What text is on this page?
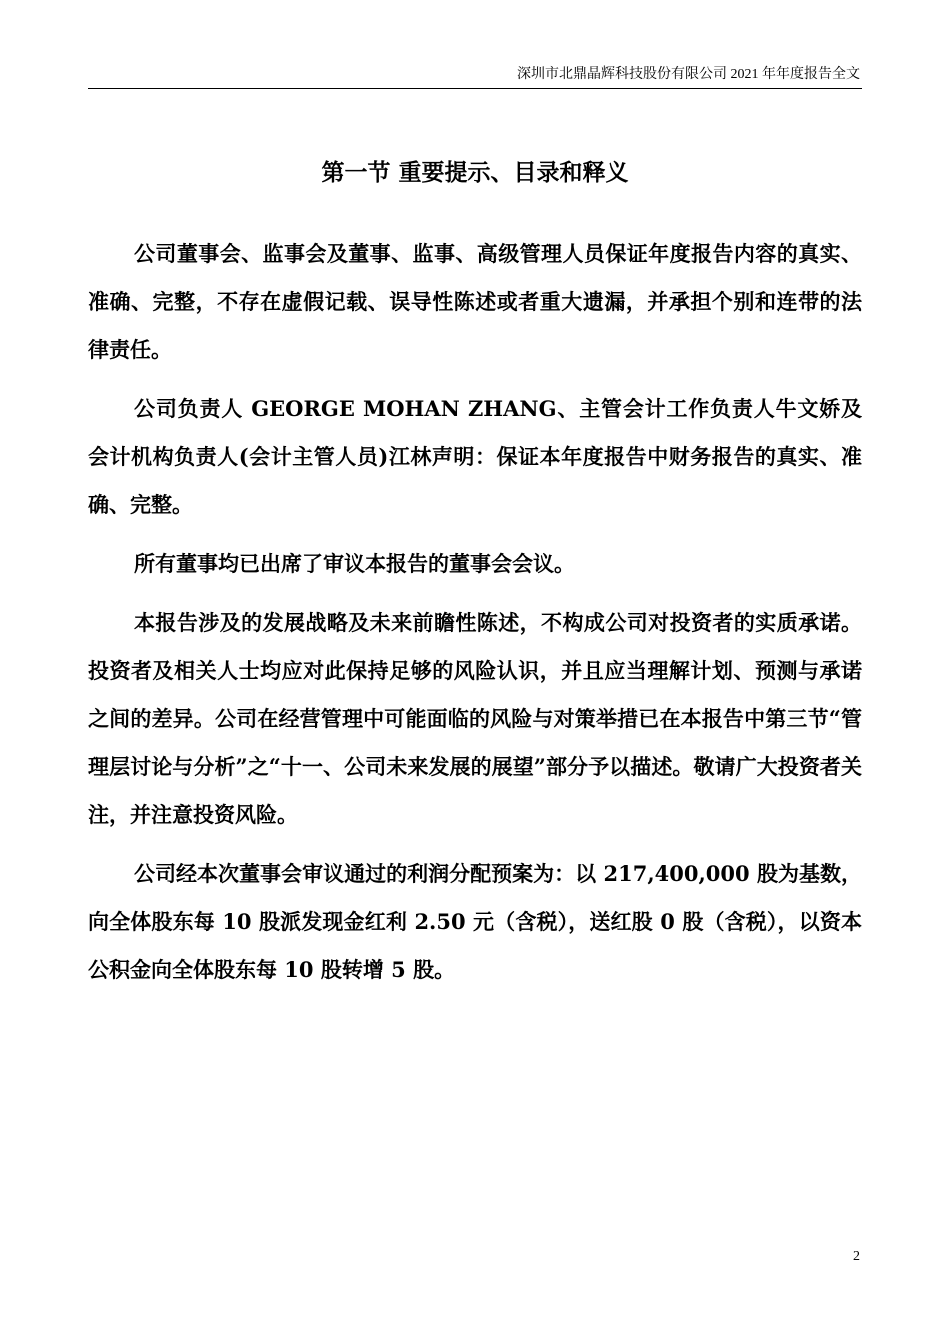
深圳市北鼎晶辉科技股份有限公司 2021 年年度报告全文
第一节 重要提示、目录和释义

公司董事会、监事会及董事、监事、高级管理人员保证年度报告内容的真实、准确、完整，不存在虚假记载、误导性陈述或者重大遗漏，并承担个别和连带的法律责任。

公司负责人 GEORGE MOHAN ZHANG、主管会计工作负责人牛文娇及会计机构负责人(会计主管人员)江林声明：保证本年度报告中财务报告的真实、准确、完整。

所有董事均已出席了审议本报告的董事会会议。

本报告涉及的发展战略及未来前瞻性陈述，不构成公司对投资者的实质承诺。投资者及相关人士均应对此保持足够的风险认识，并且应当理解计划、预测与承诺之间的差异。公司在经营管理中可能面临的风险与对策举措已在本报告中第三节“管理层讨论与分析”之“十一、公司未来发展的展望”部分予以描述。敬请广大投资者关注，并注意投资风险。

公司经本次董事会审议通过的利润分配预案为：以 217,400,000 股为基数，向全体股东每 10 股派发现金红利 2.50 元（含税），送红股 0 股（含税），以资本公积金向全体股东每 10 股转增 5 股。

2
